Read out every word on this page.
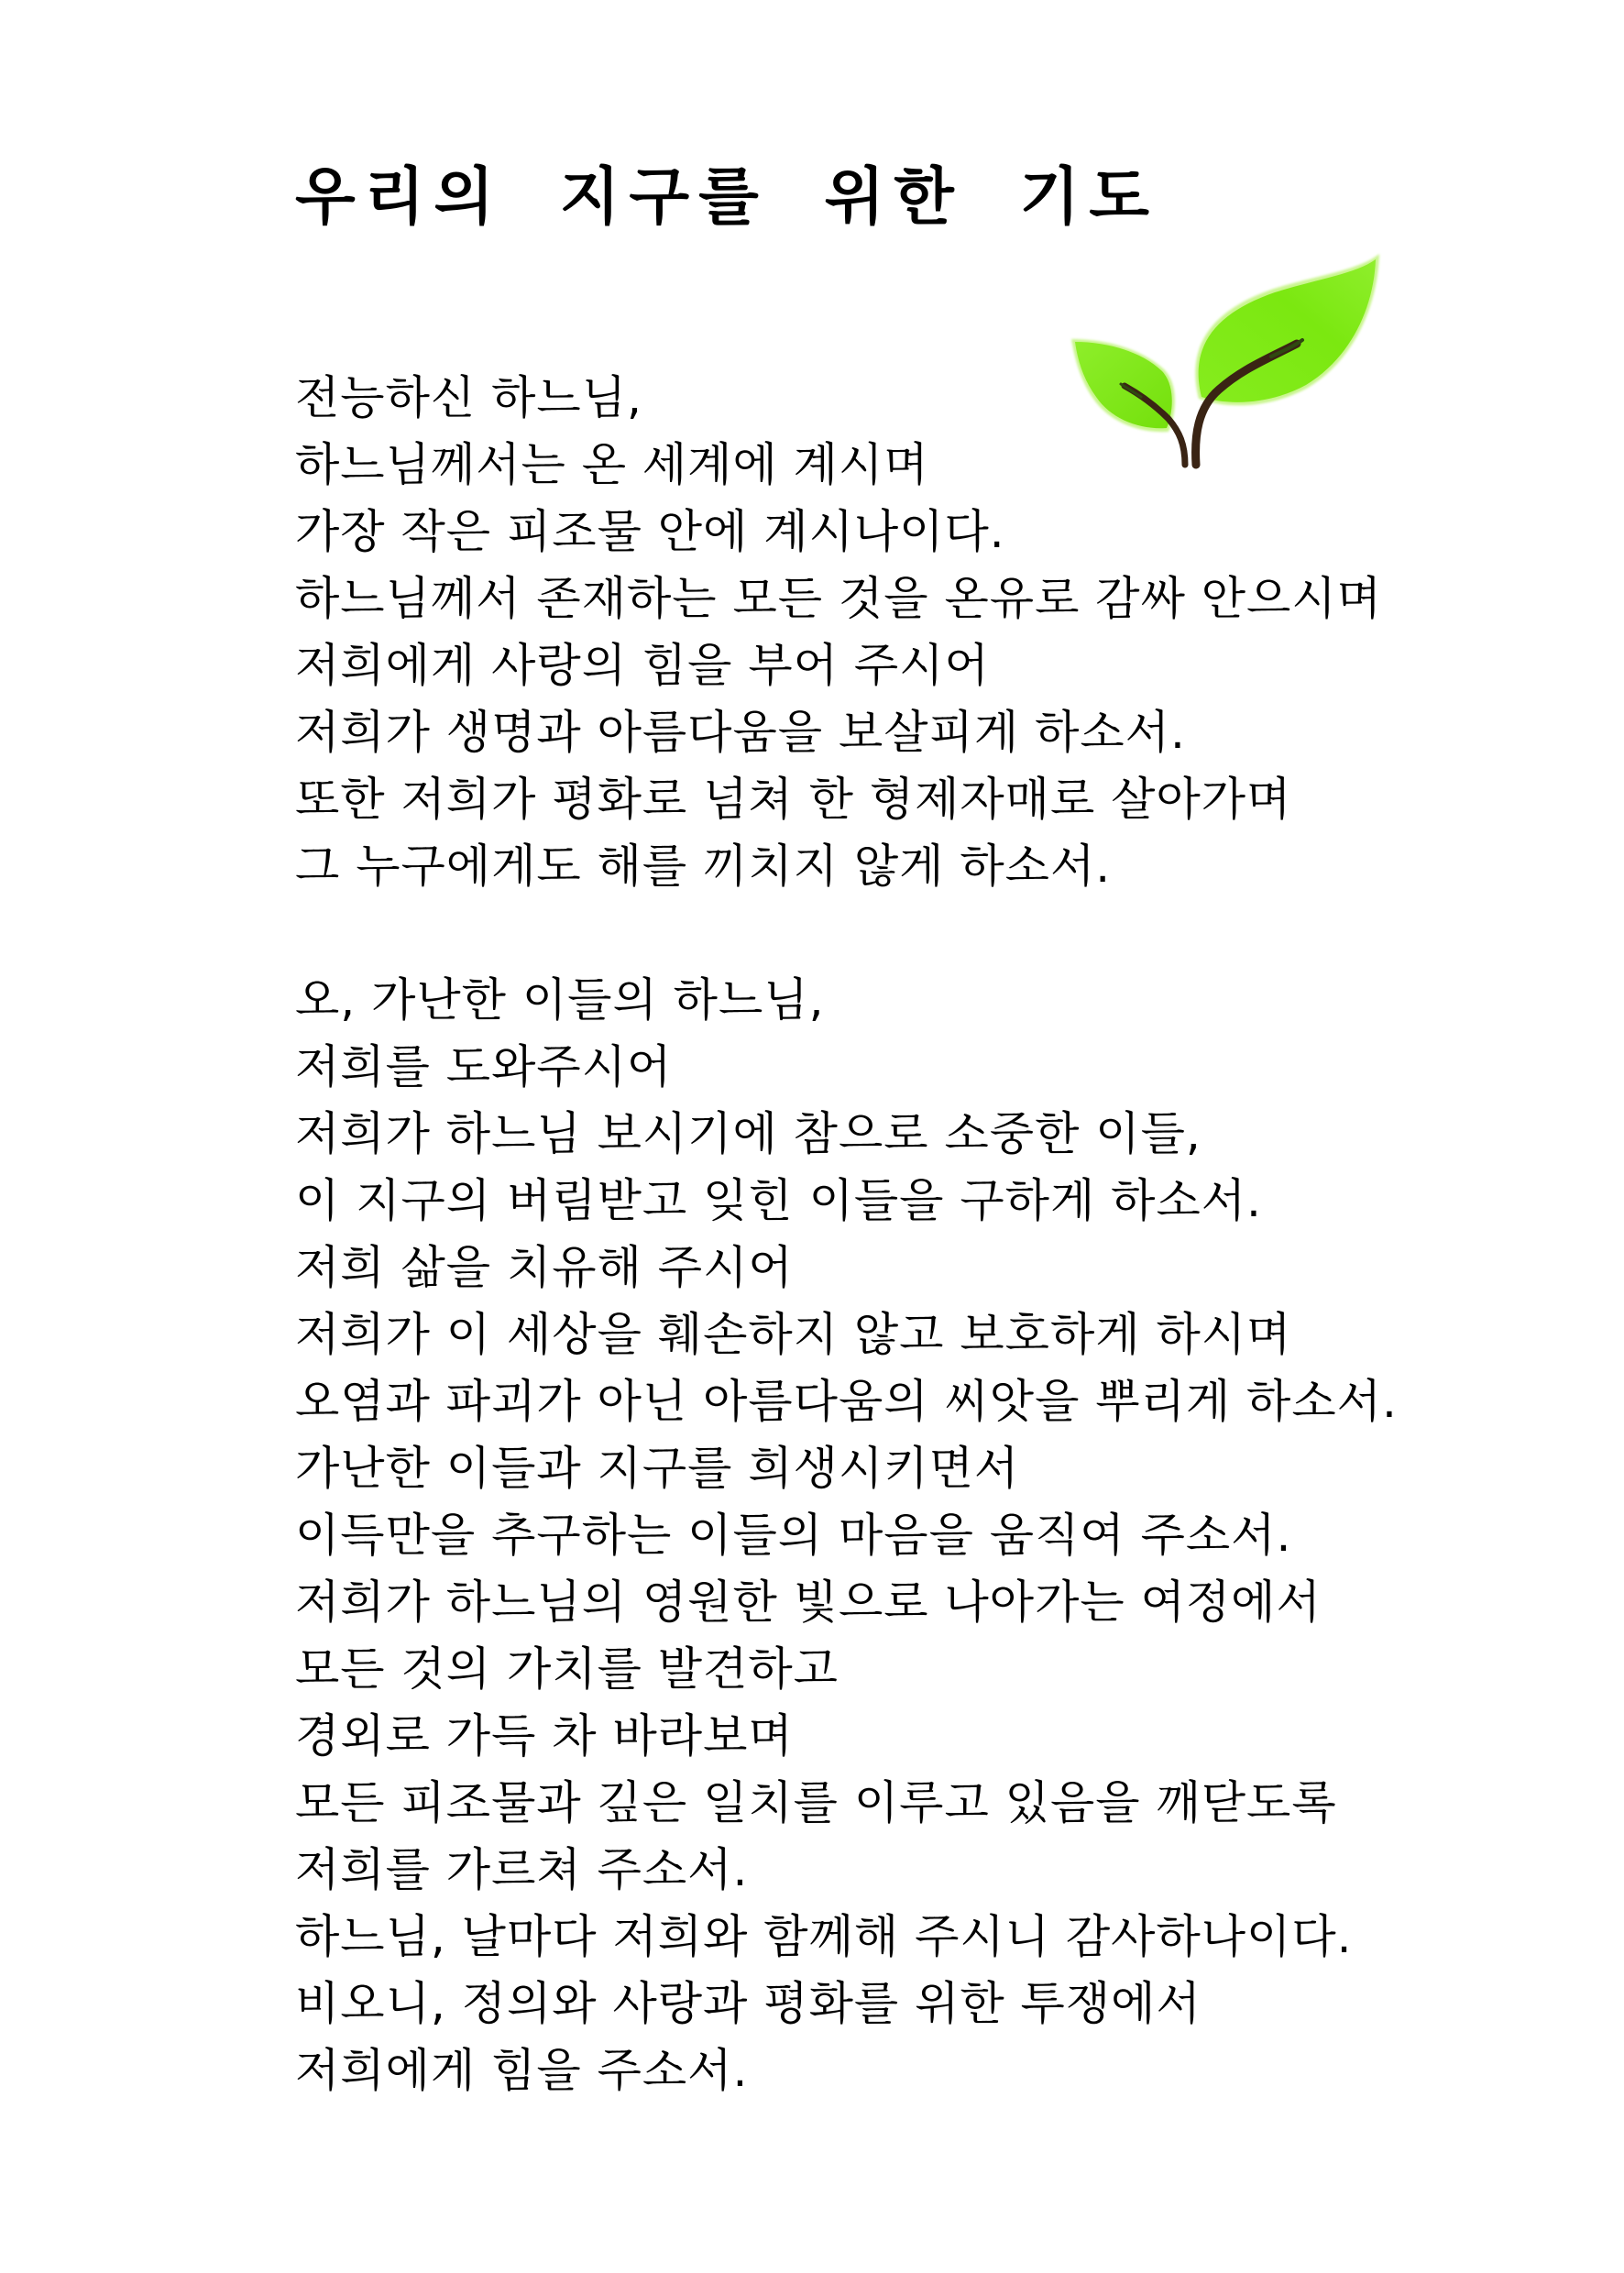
우리의 지구를 위한 기도
전능하신 하느님,
하느님께서는 온 세계에 계시며
가장 작은 피조물 안에 계시나이다.
하느님께서 존재하는 모든 것을 온유로 감싸 안으시며
저희에게 사랑의 힘을 부어 주시어
저희가 생명과 아름다움을 보살피게 하소서.
또한 저희가 평화로 넘쳐 한 형제자매로 살아가며
그 누구에게도 해를 끼치지 않게 하소서.
오, 가난한 이들의 하느님,
저희를 도와주시어
저희가 하느님 보시기에 참으로 소중한 이들,
이 지구의 버림받고 잊힌 이들을 구하게 하소서.
저희 삶을 치유해 주시어
저희가 이 세상을 훼손하지 않고 보호하게 하시며
오염과 파괴가 아닌 아름다움의 씨앗을 뿌리게 하소서.
가난한 이들과 지구를 희생시키면서
이득만을 추구하는 이들의 마음을 움직여 주소서.
저희가 하느님의 영원한 빛으로 나아가는 여정에서
모든 것의 가치를 발견하고
경외로 가득 차 바라보며
모든 피조물과 깊은 일치를 이루고 있음을 깨닫도록
저희를 가르쳐 주소서.
하느님, 날마다 저희와 함께해 주시니 감사하나이다.
비오니, 정의와 사랑과 평화를 위한 투쟁에서
저희에게 힘을 주소서.
